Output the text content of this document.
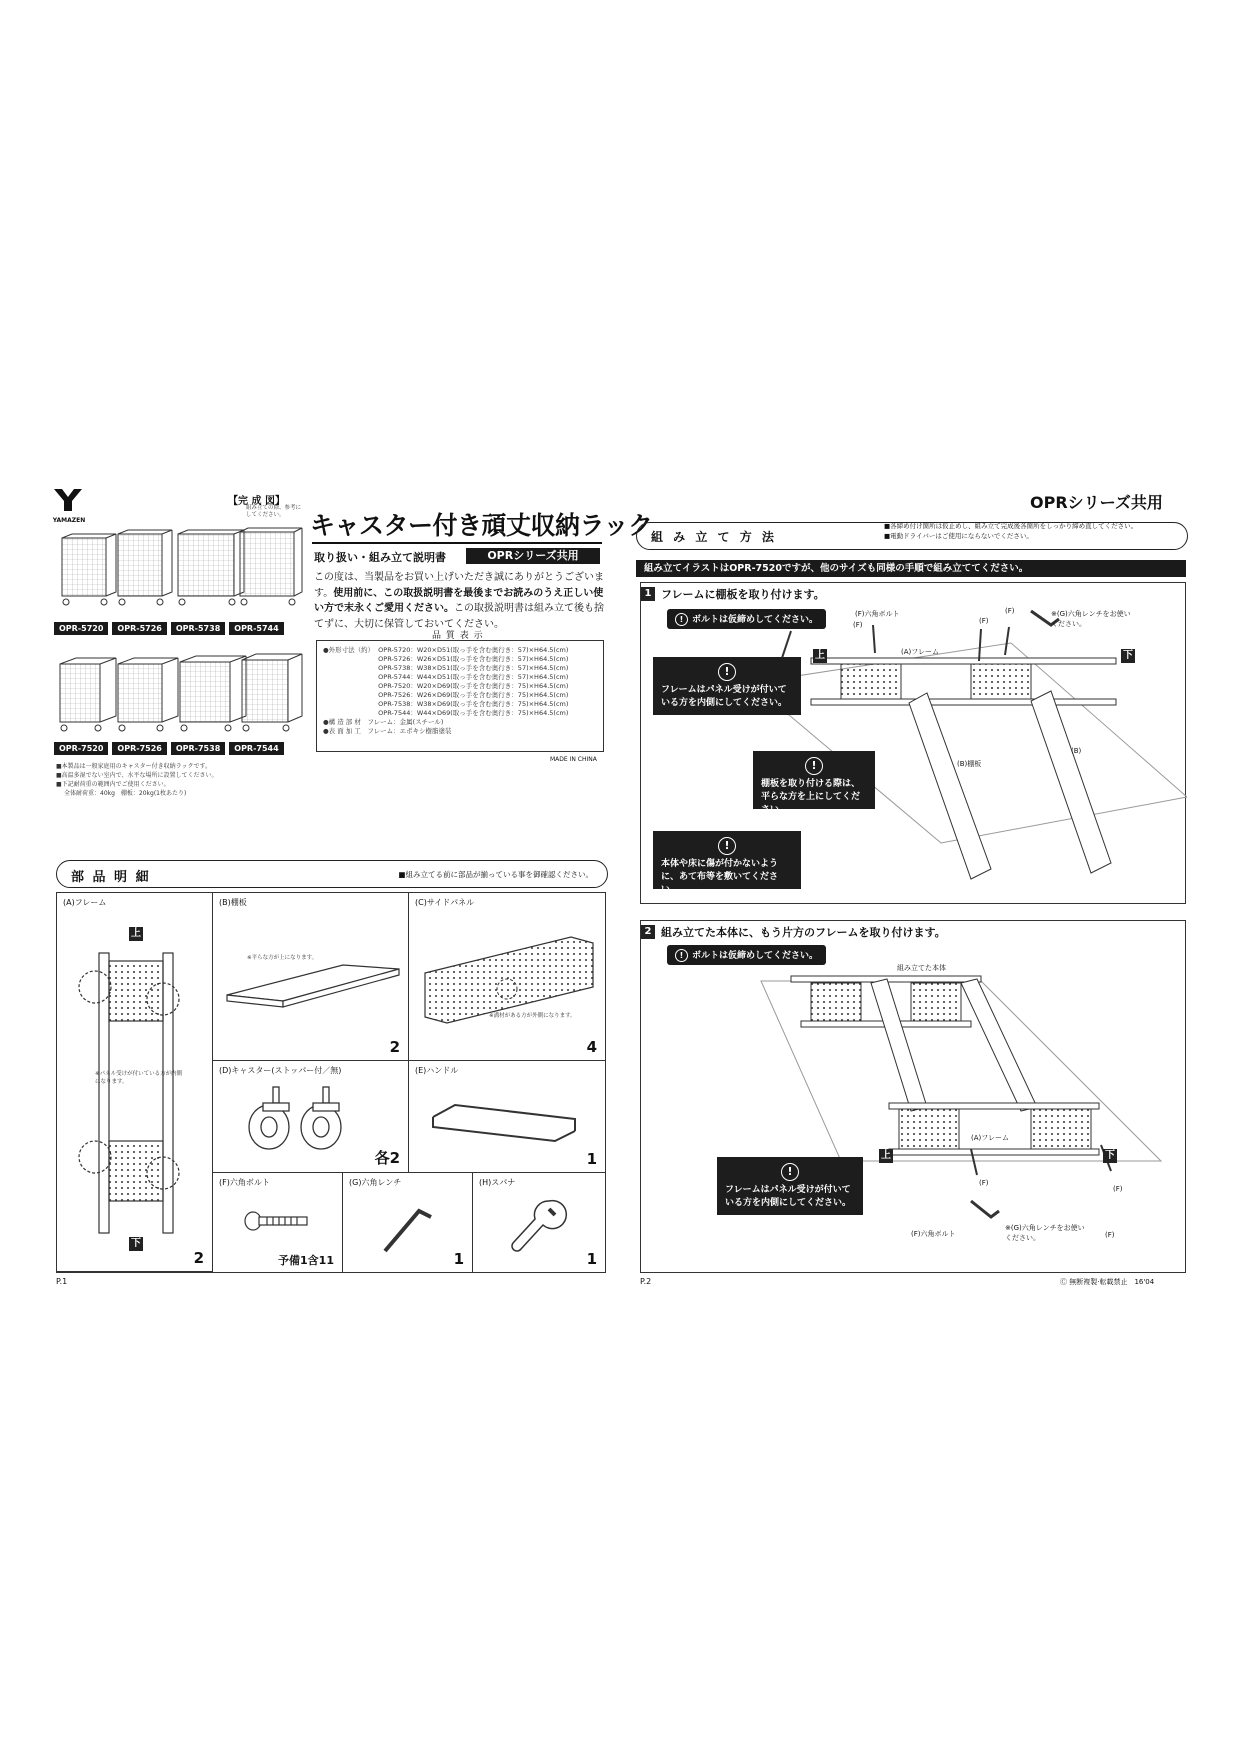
YAMAZEN
【完 成 図】
組み立ての際、参考にしてください。
OPR-5720	OPR-5726	OPR-5738	OPR-5744
OPR-7520	OPR-7526	OPR-7538	OPR-7544
■本製品は一般家庭用のキャスター付き収納ラックです。
■高温多湿でない室内で、水平な場所に設置してください。
■下記耐荷重の範囲内でご使用ください。
全体耐荷重：40kg　棚板：20kg(1枚あたり)
キャスター付き頑丈収納ラック
取り扱い・組み立て説明書	OPRシリーズ共用
この度は、当製品をお買い上げいただき誠にありがとうございます。使用前に、この取扱説明書を最後までお読みのうえ正しい使い方で末永くご愛用ください。この取扱説明書は組み立て後も捨てずに、大切に保管しておいてください。
品 質 表 示
●外形寸法（約）	OPR-5720：W20×D51(取っ手を含む奥行き：57)×H64.5(cm)
OPR-5726：W26×D51(取っ手を含む奥行き：57)×H64.5(cm)
OPR-5738：W38×D51(取っ手を含む奥行き：57)×H64.5(cm)
OPR-5744：W44×D51(取っ手を含む奥行き：57)×H64.5(cm)
OPR-7520：W20×D69(取っ手を含む奥行き：75)×H64.5(cm)
OPR-7526：W26×D69(取っ手を含む奥行き：75)×H64.5(cm)
OPR-7538：W38×D69(取っ手を含む奥行き：75)×H64.5(cm)
OPR-7544：W44×D69(取っ手を含む奥行き：75)×H64.5(cm)
●構 造 部 材　フレーム：金属(スチール)
●表 面 加 工　フレーム：エポキシ樹脂塗装
MADE IN CHINA
部 品 明 細	■組み立てる前に部品が揃っている事を御確認ください。
(A)フレーム
上
※パネル受けが付いている方が内側になります。
下
2
(B)棚板
※平らな方が上になります。
2
(C)サイドパネル
※溝材がある方が外側になります。
4
(D)キャスター(ストッパー付／無)
各2
(E)ハンドル
1
(F)六角ボルト
予備1含11
(G)六角レンチ
1
(H)スパナ
1
P.1
OPRシリーズ共用
組 み 立 て 方 法
■各締め付け箇所は仮止めし、組み立て完成後各箇所をしっかり締め直してください。
■電動ドライバーはご使用にならないでください。
組み立てイラストはOPR-7520ですが、他のサイズも同様の手順で組み立ててください。
1 フレームに棚板を取り付けます。
! ボルトは仮締めしてください。
上	下
(F)六角ボルト	※(G)六角レンチをお使いください。
(F)	(F)
(F)
(A)フレーム
(B)棚板
(B)
!
フレームはパネル受けが付いている方を内側にしてください。
!
棚板を取り付ける際は、平らな方を上にしてください。
!
本体や床に傷が付かないように、あて布等を敷いてください。
2 組み立てた本体に、もう片方のフレームを取り付けます。
! ボルトは仮締めしてください。
組み立てた本体
上	下
(A)フレーム
(F)
(F)
(F)
(F)六角ボルト
※(G)六角レンチをお使いください。
!
フレームはパネル受けが付いている方を内側にしてください。
P.2	Ⓒ 無断複製·転載禁止　16'04
